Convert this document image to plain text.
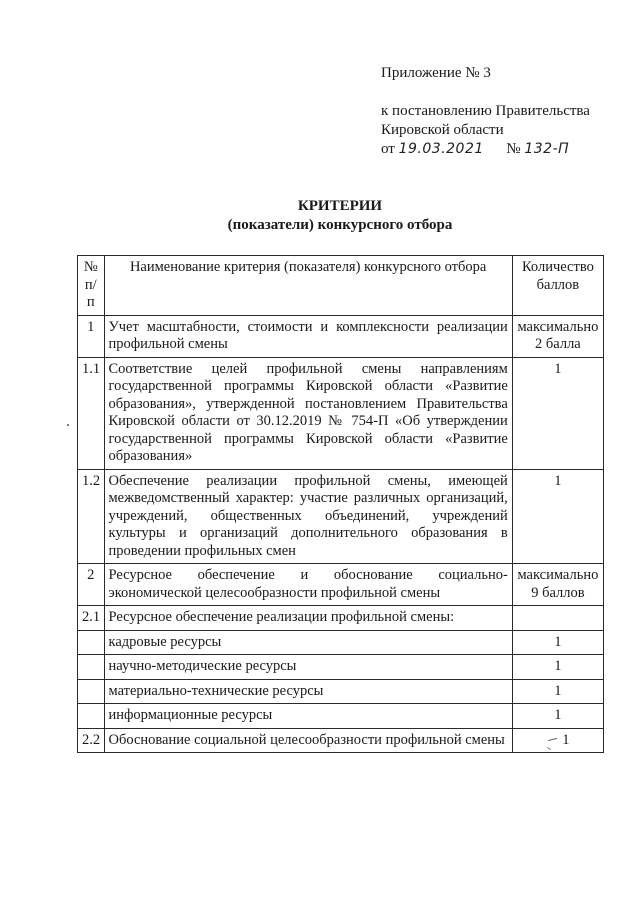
Приложение № 3
к постановлению Правительства
Кировской области
от 19.03.2021 № 132-П
КРИТЕРИИ
(показатели) конкурсного отбора
№ п/п	Наименование критерия (показателя) конкурсного отбора	Количество баллов
1	Учет масштабности, стоимости и комплексности реализации профильной смены	максимально 2 балла
1.1	Соответствие целей профильной смены направлениям государственной программы Кировской области «Развитие образования», утвержденной постановлением Правительства Кировской области от 30.12.2019 № 754-П «Об утверждении государственной программы Кировской области «Развитие образования»	1
1.2	Обеспечение реализации профильной смены, имеющей межведомственный характер: участие различных организаций, учреждений, общественных объединений, учреждений культуры и организаций дополнительного образования в проведении профильных смен	1
2	Ресурсное обеспечение и обоснование социально-экономической целесообразности профильной смены	максимально 9 баллов
2.1	Ресурсное обеспечение реализации профильной смены:	
	кадровые ресурсы	1
	научно-методические ресурсы	1
	материально-технические ресурсы	1
	информационные ресурсы	1
2.2	Обоснование социальной целесообразности профильной смены	1
